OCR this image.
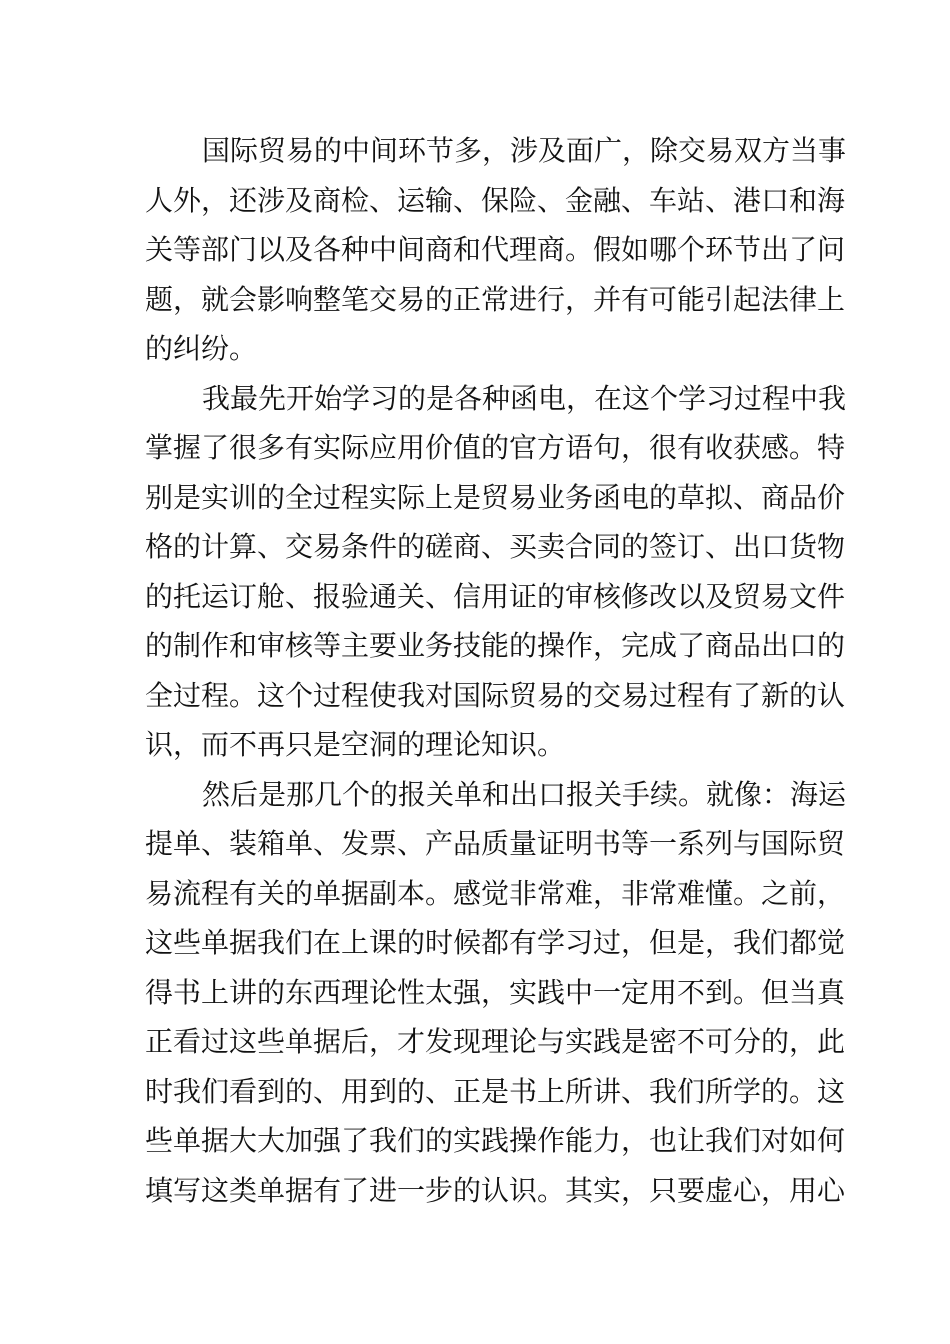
国际贸易的中间环节多，涉及面广，除交易双方当事
人外，还涉及商检、运输、保险、金融、车站、港口和海
关等部门以及各种中间商和代理商。假如哪个环节出了问
题，就会影响整笔交易的正常进行，并有可能引起法律上
的纠纷。
我最先开始学习的是各种函电，在这个学习过程中我
掌握了很多有实际应用价值的官方语句，很有收获感。特
别是实训的全过程实际上是贸易业务函电的草拟、商品价
格的计算、交易条件的磋商、买卖合同的签订、出口货物
的托运订舱、报验通关、信用证的审核修改以及贸易文件
的制作和审核等主要业务技能的操作，完成了商品出口的
全过程。这个过程使我对国际贸易的交易过程有了新的认
识，而不再只是空洞的理论知识。
然后是那几个的报关单和出口报关手续。就像：海运
提单、装箱单、发票、产品质量证明书等一系列与国际贸
易流程有关的单据副本。感觉非常难，非常难懂。之前，
这些单据我们在上课的时候都有学习过，但是，我们都觉
得书上讲的东西理论性太强，实践中一定用不到。但当真
正看过这些单据后，才发现理论与实践是密不可分的，此
时我们看到的、用到的、正是书上所讲、我们所学的。这
些单据大大加强了我们的实践操作能力，也让我们对如何
填写这类单据有了进一步的认识。其实，只要虚心，用心
